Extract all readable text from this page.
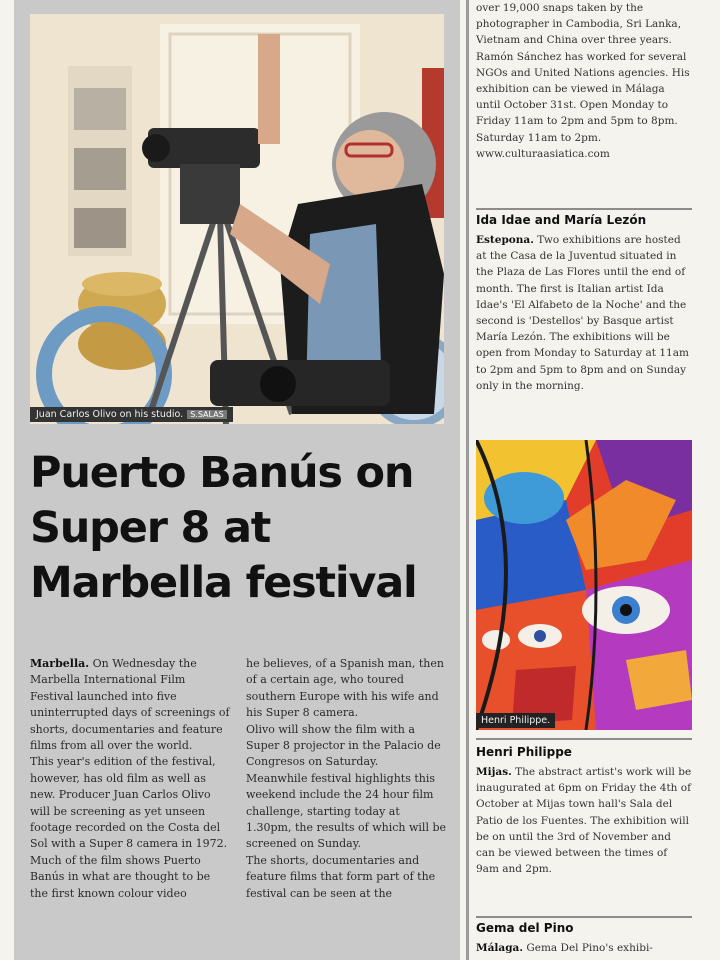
Juan Carlos Olivo on his studio. S.SALAS
Puerto Banús on
Super 8 at
Marbella festival

Marbella. On Wednesday the Marbella International Film Festival launched into five uninterrupted days of screenings of shorts, documentaries and feature films from all over the world.

This year's edition of the festival, however, has old film as well as new. Producer Juan Carlos Olivo will be screening as yet unseen footage recorded on the Costa del Sol with a Super 8 camera in 1972.

Much of the film shows Puerto Banús in what are thought to be the first known colour video

he believes, of a Spanish man, then of a certain age, who toured southern Europe with his wife and his Super 8 camera.

Olivo will show the film with a Super 8 projector in the Palacio de Congresos on Saturday.

Meanwhile festival highlights this weekend include the 24 hour film challenge, starting today at 1.30pm, the results of which will be screened on Sunday.

The shorts, documentaries and feature films that form part of the festival can be seen at the

over 19,000 snaps taken by the photographer in Cambodia, Sri Lanka, Vietnam and China over three years. Ramón Sánchez has worked for several NGOs and United Nations agencies. His exhibition can be viewed in Málaga until October 31st. Open Monday to Friday 11am to 2pm and 5pm to 8pm. Saturday 11am to 2pm. www.culturaasiatica.com

Ida Idae and María Lezón

Estepona. Two exhibitions are hosted at the Casa de la Juventud situated in the Plaza de Las Flores until the end of month. The first is Italian artist Ida Idae's 'El Alfabeto de la Noche' and the second is 'Destellos' by Basque artist María Lezón. The exhibitions will be open from Monday to Saturday at 11am to 2pm and 5pm to 8pm and on Sunday only in the morning.

Henri Philippe.
Henri Philippe

Mijas. The abstract artist's work will be inaugurated at 6pm on Friday the 4th of October at Mijas town hall's Sala del Patio de los Fuentes. The exhibition will be on until the 3rd of November and can be viewed between the times of 9am and 2pm.

Gema del Pino

Málaga. Gema Del Pino's exhibi-
